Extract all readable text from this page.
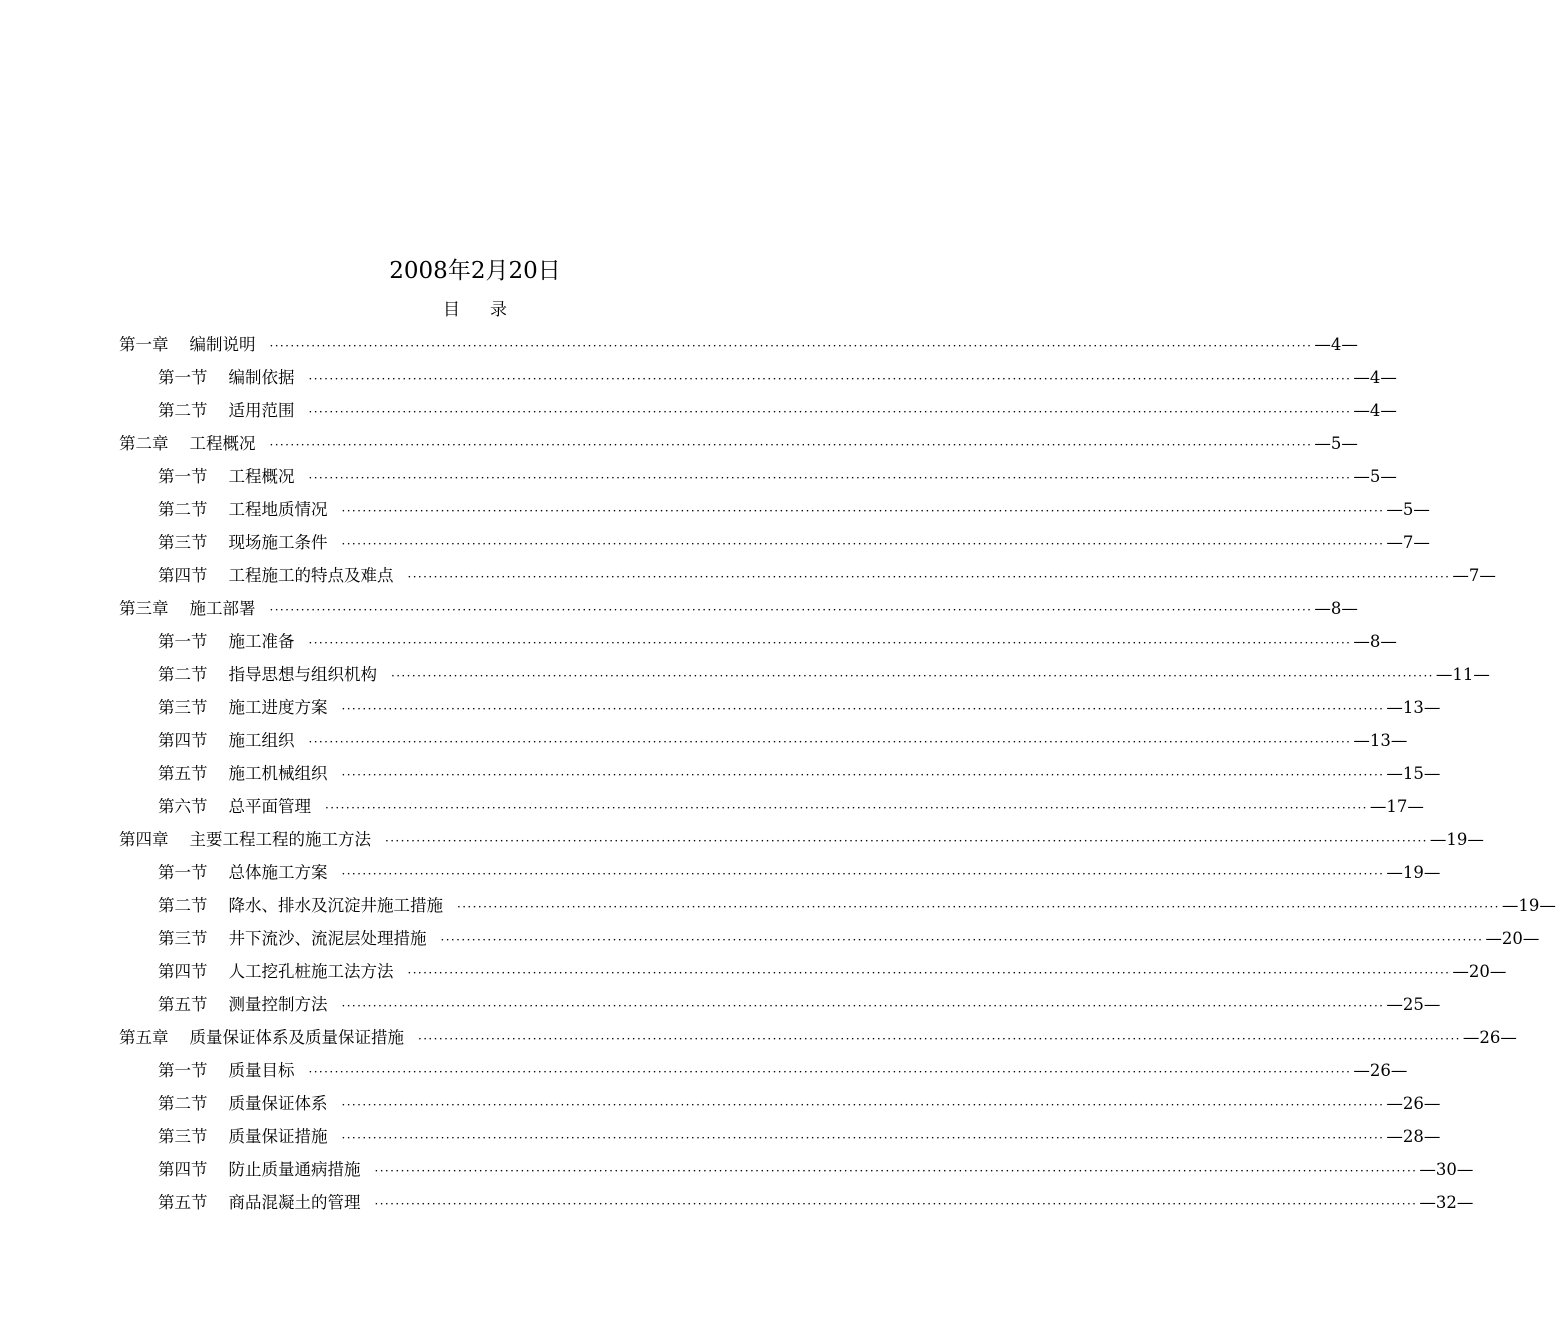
2008年2月20日
目 录
第一章 编制说明 ········································································································································································································ —4—
第一节 编制依据 ········································································································································································································ —4—
第二节 适用范围 ········································································································································································································ —4—
第二章 工程概况 ········································································································································································································ —5—
第一节 工程概况 ········································································································································································································ —5—
第二节 工程地质情况 ········································································································································································································ —5—
第三节 现场施工条件 ········································································································································································································ —7—
第四节 工程施工的特点及难点 ········································································································································································································ —7—
第三章 施工部署 ········································································································································································································ —8—
第一节 施工准备 ········································································································································································································ —8—
第二节 指导思想与组织机构 ········································································································································································································ —11—
第三节 施工进度方案 ········································································································································································································ —13—
第四节 施工组织 ········································································································································································································ —13—
第五节 施工机械组织 ········································································································································································································ —15—
第六节 总平面管理 ········································································································································································································ —17—
第四章 主要工程工程的施工方法 ········································································································································································································ —19—
第一节 总体施工方案 ········································································································································································································ —19—
第二节 降水、排水及沉淀井施工措施 ········································································································································································································ —19—
第三节 井下流沙、流泥层处理措施 ········································································································································································································ —20—
第四节 人工挖孔桩施工法方法 ········································································································································································································ —20—
第五节 测量控制方法 ········································································································································································································ —25—
第五章 质量保证体系及质量保证措施 ········································································································································································································ —26—
第一节 质量目标 ········································································································································································································ —26—
第二节 质量保证体系 ········································································································································································································ —26—
第三节 质量保证措施 ········································································································································································································ —28—
第四节 防止质量通病措施 ········································································································································································································ —30—
第五节 商品混凝土的管理 ········································································································································································································ —32—
